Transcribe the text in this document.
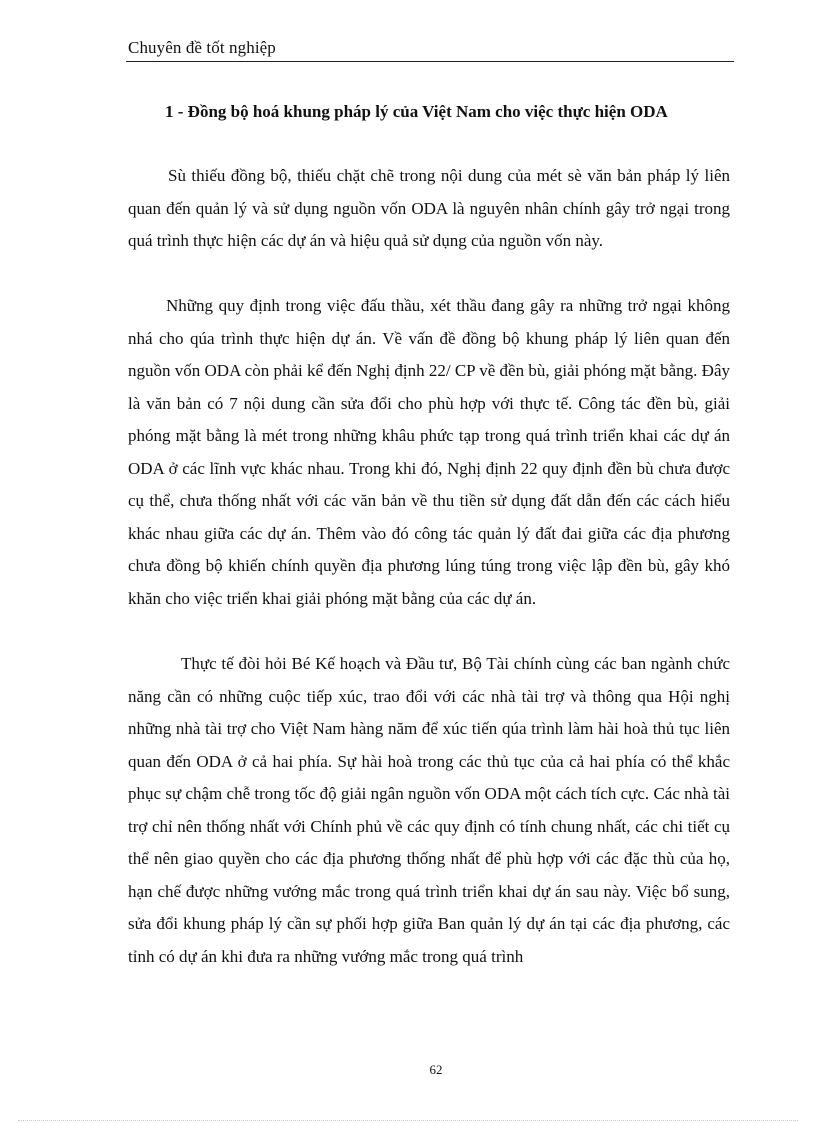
Chuyên đề tốt nghiệp
1 - Đồng bộ hoá khung pháp lý của Việt Nam cho việc thực hiện ODA
Sù thiếu đồng bộ, thiếu chặt chẽ trong nội dung của mét sè văn bản pháp lý liên quan đến quản lý và sử dụng nguồn vốn ODA là nguyên nhân chính gây trở ngại trong quá trình thực hiện các dự án và hiệu quả sử dụng của nguồn vốn này.
Những quy định trong việc đấu thầu, xét thầu đang gây ra những trở ngại không nhá cho qúa trình thực hiện dự án. Về vấn đề đồng bộ khung pháp lý liên quan đến nguồn vốn ODA còn phải kể đến Nghị định 22/ CP về đền bù, giải phóng mặt bằng. Đây là văn bản có 7 nội dung cần sửa đổi cho phù hợp với thực tế. Công tác đền bù, giải phóng mặt bằng là mét trong những khâu phức tạp trong quá trình triển khai các dự án ODA ở các lĩnh vực khác nhau. Trong khi đó, Nghị định 22 quy định đền bù chưa được cụ thể, chưa thống nhất với các văn bản về thu tiền sử dụng đất dẫn đến các cách hiểu khác nhau giữa các dự án. Thêm vào đó công tác quản lý đất đai giữa các địa phương chưa đồng bộ khiến chính quyền địa phương lúng túng trong việc lập đền bù, gây khó khăn cho việc triển khai giải phóng mặt bằng của các dự án.
Thực tế đòi hỏi Bé Kế hoạch và Đầu tư, Bộ Tài chính cùng các ban ngành chức năng cần có những cuộc tiếp xúc, trao đổi với các nhà tài trợ và thông qua Hội nghị những nhà tài trợ cho Việt Nam hàng năm để xúc tiến qúa trình làm hài hoà thủ tục liên quan đến ODA ở cả hai phía. Sự hài hoà trong các thủ tục của cả hai phía có thể khắc phục sự chậm chễ trong tốc độ giải ngân nguồn vốn ODA một cách tích cực. Các nhà tài trợ chỉ nên thống nhất với Chính phủ về các quy định có tính chung nhất, các chi tiết cụ thể nên giao quyền cho các địa phương thống nhất để phù hợp với các đặc thù của họ, hạn chế được những vướng mắc trong quá trình triển khai dự án sau này. Việc bổ sung, sửa đổi khung pháp lý cần sự phối hợp giữa Ban quản lý dự án tại các địa phương, các tỉnh có dự án khi đưa ra những vướng mắc trong quá trình
62
